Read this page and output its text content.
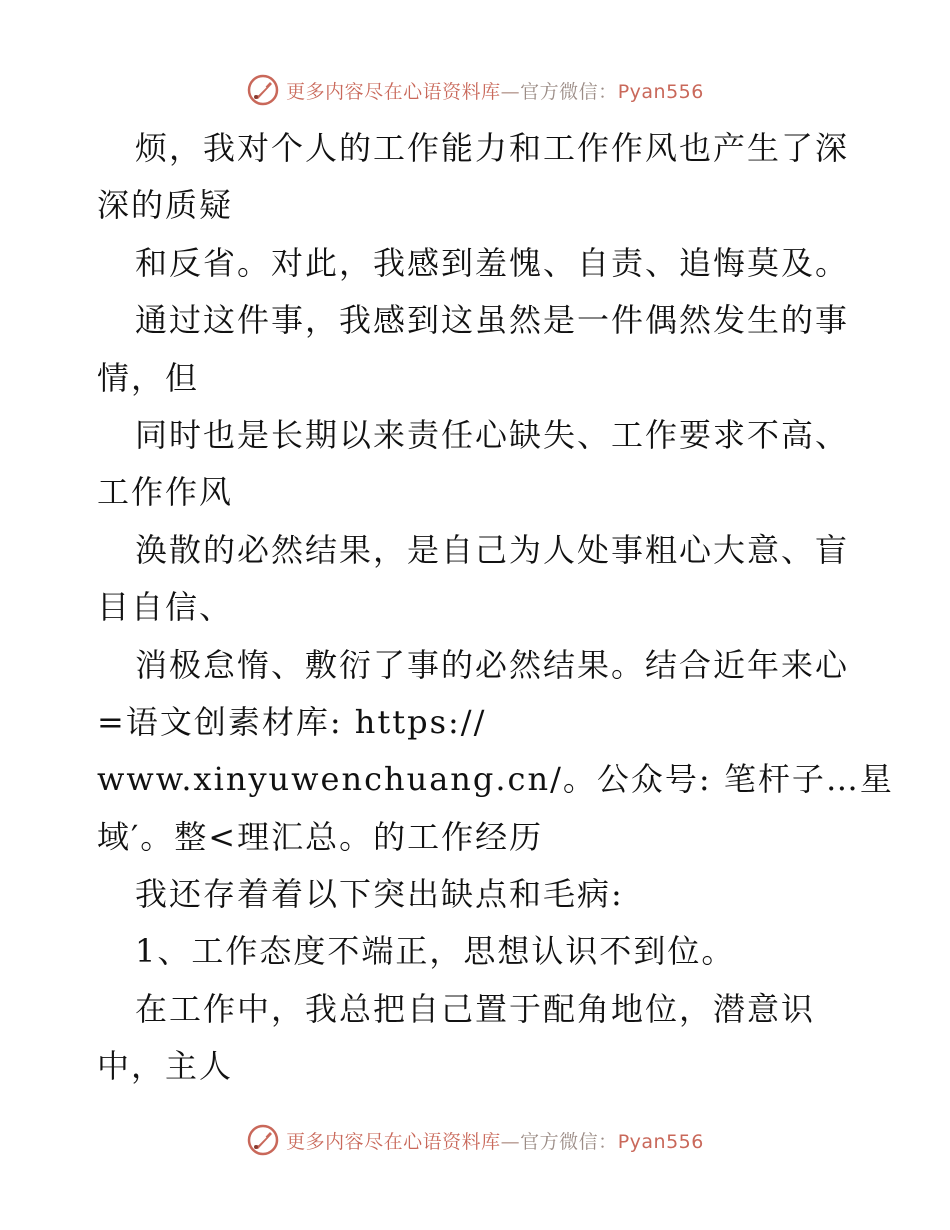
更多内容尽在心语资料库—官方微信：Pyan556
烦，我对个人的工作能力和工作作风也产生了深
深的质疑
和反省。对此，我感到羞愧、自责、追悔莫及。
通过这件事，我感到这虽然是一件偶然发生的事
情，但
同时也是长期以来责任心缺失、工作要求不高、
工作作风
涣散的必然结果，是自己为人处事粗心大意、盲
目自信、
消极怠惰、敷衍了事的必然结果。结合近年来心
=语文创素材库: https://
www.xinyuwenchuang.cn/。公众号: 笔杆子…星
域′。整<理汇总。的工作经历
我还存着着以下突出缺点和毛病:
1、工作态度不端正，思想认识不到位。
在工作中，我总把自己置于配角地位，潜意识
中，主人
更多内容尽在心语资料库—官方微信：Pyan556
